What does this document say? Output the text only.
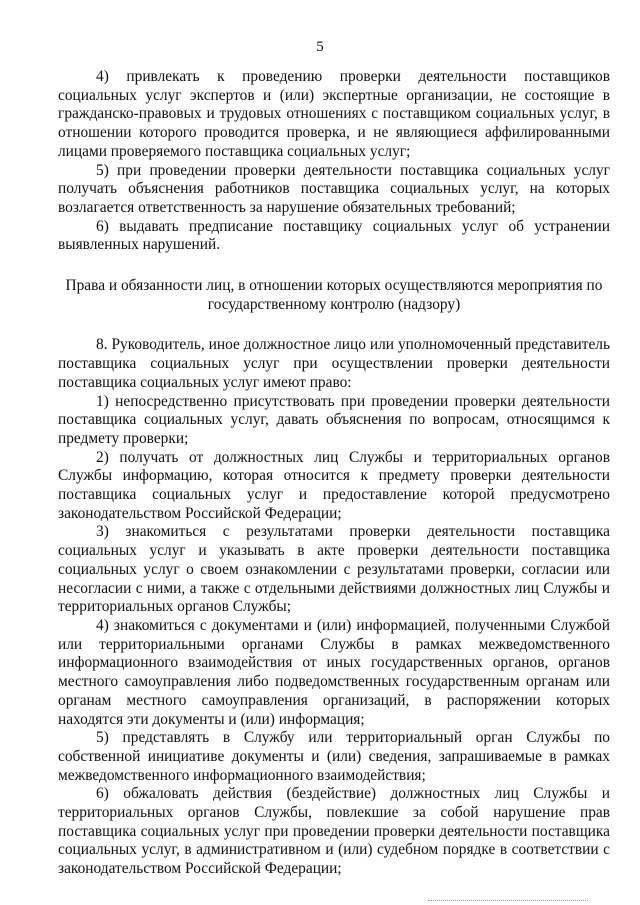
5

4) привлекать к проведению проверки деятельности поставщиков социальных услуг экспертов и (или) экспертные организации, не состоящие в гражданско-правовых и трудовых отношениях с поставщиком социальных услуг, в отношении которого проводится проверка, и не являющиеся аффилированными лицами проверяемого поставщика социальных услуг;

5) при проведении проверки деятельности поставщика социальных услуг получать объяснения работников поставщика социальных услуг, на которых возлагается ответственность за нарушение обязательных требований;

6) выдавать предписание поставщику социальных услуг об устранении выявленных нарушений.

Права и обязанности лиц, в отношении которых осуществляются мероприятия по государственному контролю (надзору)

8. Руководитель, иное должностное лицо или уполномоченный представитель поставщика социальных услуг при осуществлении проверки деятельности поставщика социальных услуг имеют право:

1) непосредственно присутствовать при проведении проверки деятельности поставщика социальных услуг, давать объяснения по вопросам, относящимся к предмету проверки;

2) получать от должностных лиц Службы и территориальных органов Службы информацию, которая относится к предмету проверки деятельности поставщика социальных услуг и предоставление которой предусмотрено законодательством Российской Федерации;

3) знакомиться с результатами проверки деятельности поставщика социальных услуг и указывать в акте проверки деятельности поставщика социальных услуг о своем ознакомлении с результатами проверки, согласии или несогласии с ними, а также с отдельными действиями должностных лиц Службы и территориальных органов Службы;

4) знакомиться с документами и (или) информацией, полученными Службой или территориальными органами Службы в рамках межведомственного информационного взаимодействия от иных государственных органов, органов местного самоуправления либо подведомственных государственным органам или органам местного самоуправления организаций, в распоряжении которых находятся эти документы и (или) информация;

5) представлять в Службу или территориальный орган Службы по собственной инициативе документы и (или) сведения, запрашиваемые в рамках межведомственного информационного взаимодействия;

6) обжаловать действия (бездействие) должностных лиц Службы и территориальных органов Службы, повлекшие за собой нарушение прав поставщика социальных услуг при проведении проверки деятельности поставщика социальных услуг, в административном и (или) судебном порядке в соответствии с законодательством Российской Федерации;
